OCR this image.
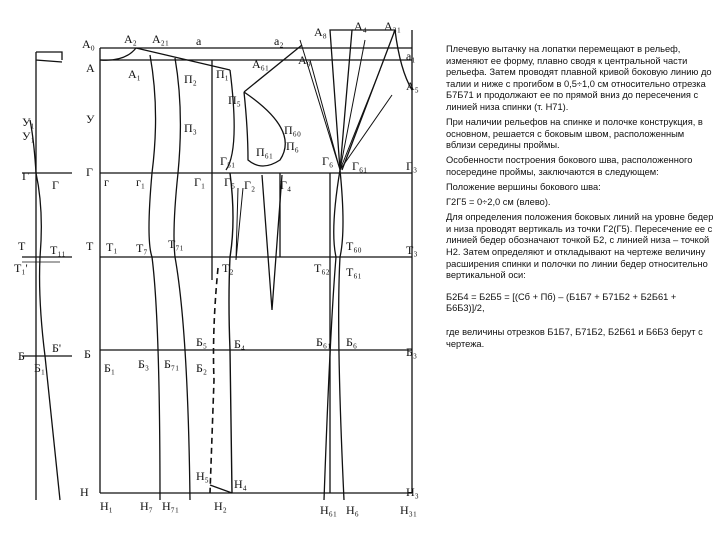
А₀ А₂ А₂₁ а	а₂
А₈ А₄ А₃₁
А	А₁	П₁
П₂
А₆₁ А₉	а₁
А₅
П₅
П₃	П₆₀
П₆
П₆₁
У
У₁
У₁
Г
Г
Г
г г₁	Г₁
Г₅₁
Г₅ Г₂ Г₄
Г₆ Г₆₁	Г₃
Т Т₁₁
Т₁'
Т Т₁ Т₇ Т₇₁
Т₂
Т₆₀
Т₆₂ Т₆₁
Т₃
Б
Б'
Б₁
Б
Б₁ Б₃ Б₇₁
Б₅
Б₂
Б₄	Б₆₁ Б₆
Б₃
Н
Н₁ Н₇ Н₇₁
Н₅
Н₂
Н₄
Н₆₁ Н₆
Н₃
Н₃₁

Плечевую вытачку на лопатки перемещают в рельеф, изменяют ее форму, плавно сводя к центральной части рельефа. Затем проводят плавной кривой боковую линию до талии и ниже с прогибом в 0,5÷1,0 см относительно отрезка Б7Б71 и продолжают ее по прямой вниз до пересечения с линией низа спинки (т. Н71).

При наличии рельефов на спинке и полочке конструкция, в основном, решается с боковым швом, расположенным вблизи середины проймы.

Особенности построения бокового шва, расположенного посередине проймы, заключаются в следующем:

Положение вершины бокового шва:

Г2Г5 = 0÷2,0 см (влево).

Для определения положения боковых линий на уровне бедер и низа проводят вертикаль из точки Г2(Г5). Пересечение ее с линией бедер обозначают точкой Б2, с линией низа – точкой Н2. Затем определяют и откладывают на чертеже величину расширения спинки и полочки по линии бедер относительно вертикальной оси:

Б2Б4 = Б2Б5 = [(Сб + Пб) – (Б1Б7 + Б71Б2 + Б2Б61 + Б6Б3)]/2,

где величины отрезков Б1Б7, Б71Б2, Б2Б61 и Б6Б3 берут с чертежа.
